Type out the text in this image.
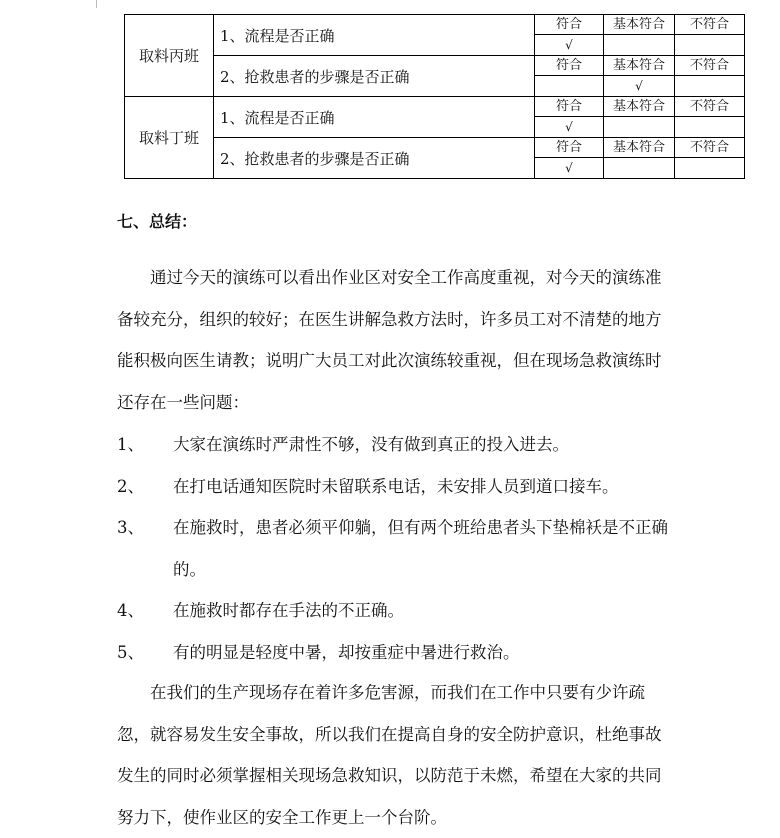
取料丙班	1、流程是否正确	符合	基本符合	不符合
		√		
	2、抢救患者的步骤是否正确	符合	基本符合	不符合
			√	
取料丁班	1、流程是否正确	符合	基本符合	不符合
		√		
	2、抢救患者的步骤是否正确	符合	基本符合	不符合
		√		
七、总结：
　　通过今天的演练可以看出作业区对安全工作高度重视，对今天的演练准备较充分，组织的较好；在医生讲解急救方法时，许多员工对不清楚的地方能积极向医生请教；说明广大员工对此次演练较重视，但在现场急救演练时还存在一些问题：
1、	大家在演练时严肃性不够，没有做到真正的投入进去。
2、	在打电话通知医院时未留联系电话，未安排人员到道口接车。
3、	在施救时，患者必须平仰躺，但有两个班给患者头下垫棉袄是不正确的。
4、	在施救时都存在手法的不正确。
5、	有的明显是轻度中暑，却按重症中暑进行救治。
　　在我们的生产现场存在着许多危害源，而我们在工作中只要有少许疏忽，就容易发生安全事故，所以我们在提高自身的安全防护意识，杜绝事故发生的同时必须掌握相关现场急救知识，以防范于未燃，希望在大家的共同努力下，使作业区的安全工作更上一个台阶。
